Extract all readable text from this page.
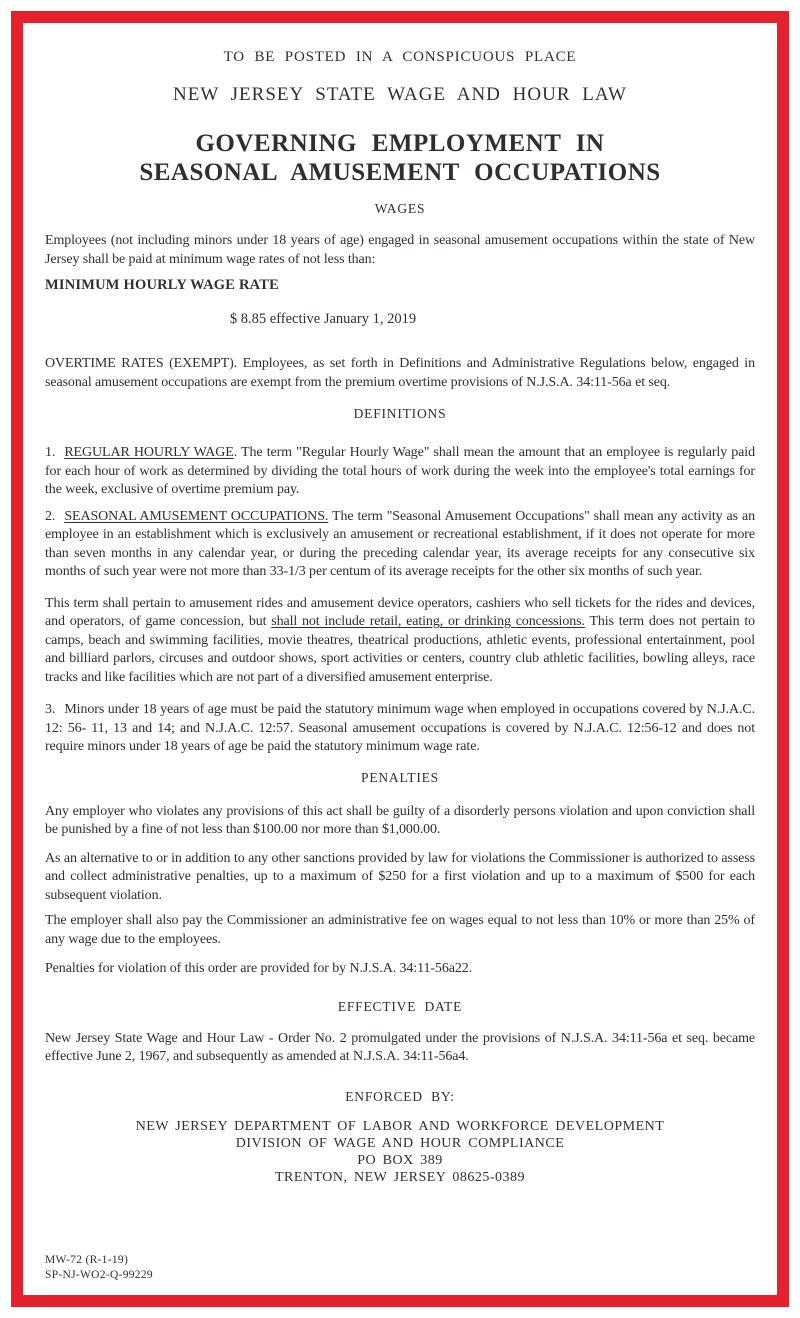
TO BE POSTED IN A CONSPICUOUS PLACE
NEW JERSEY STATE WAGE AND HOUR LAW
GOVERNING EMPLOYMENT IN
SEASONAL AMUSEMENT OCCUPATIONS
WAGES

Employees (not including minors under 18 years of age) engaged in seasonal amusement occupations within the state of New Jersey shall be paid at minimum wage rates of not less than:

MINIMUM HOURLY WAGE RATE

$ 8.85 effective January 1, 2019

OVERTIME RATES (EXEMPT). Employees, as set forth in Definitions and Administrative Regulations below, engaged in seasonal amusement occupations are exempt from the premium overtime provisions of N.J.S.A. 34:11-56a et seq.

DEFINITIONS

1. REGULAR HOURLY WAGE. The term "Regular Hourly Wage" shall mean the amount that an employee is regularly paid for each hour of work as determined by dividing the total hours of work during the week into the employee's total earnings for the week, exclusive of overtime premium pay.

2. SEASONAL AMUSEMENT OCCUPATIONS. The term "Seasonal Amusement Occupations" shall mean any activity as an employee in an establishment which is exclusively an amusement or recreational establishment, if it does not operate for more than seven months in any calendar year, or during the preceding calendar year, its average receipts for any consecutive six months of such year were not more than 33-1/3 per centum of its average receipts for the other six months of such year.

This term shall pertain to amusement rides and amusement device operators, cashiers who sell tickets for the rides and devices, and operators, of game concession, but shall not include retail, eating, or drinking concessions. This term does not pertain to camps, beach and swimming facilities, movie theatres, theatrical productions, athletic events, professional entertainment, pool and billiard parlors, circuses and outdoor shows, sport activities or centers, country club athletic facilities, bowling alleys, race tracks and like facilities which are not part of a diversified amusement enterprise.

3. Minors under 18 years of age must be paid the statutory minimum wage when employed in occupations covered by N.J.A.C. 12: 56- 11, 13 and 14; and N.J.A.C. 12:57. Seasonal amusement occupations is covered by N.J.A.C. 12:56-12 and does not require minors under 18 years of age be paid the statutory minimum wage rate.

PENALTIES

Any employer who violates any provisions of this act shall be guilty of a disorderly persons violation and upon conviction shall be punished by a fine of not less than $100.00 nor more than $1,000.00.

As an alternative to or in addition to any other sanctions provided by law for violations the Commissioner is authorized to assess and collect administrative penalties, up to a maximum of $250 for a first violation and up to a maximum of $500 for each subsequent violation.

The employer shall also pay the Commissioner an administrative fee on wages equal to not less than 10% or more than 25% of any wage due to the employees.

Penalties for violation of this order are provided for by N.J.S.A. 34:11-56a22.

EFFECTIVE DATE

New Jersey State Wage and Hour Law - Order No. 2 promulgated under the provisions of N.J.S.A. 34:11-56a et seq. became effective June 2, 1967, and subsequently as amended at N.J.S.A. 34:11-56a4.

ENFORCED BY:
NEW JERSEY DEPARTMENT OF LABOR AND WORKFORCE DEVELOPMENT
DIVISION OF WAGE AND HOUR COMPLIANCE
PO BOX 389
TRENTON, NEW JERSEY 08625-0389
MW-72 (R-1-19)
SP-NJ-WO2-Q-99229
